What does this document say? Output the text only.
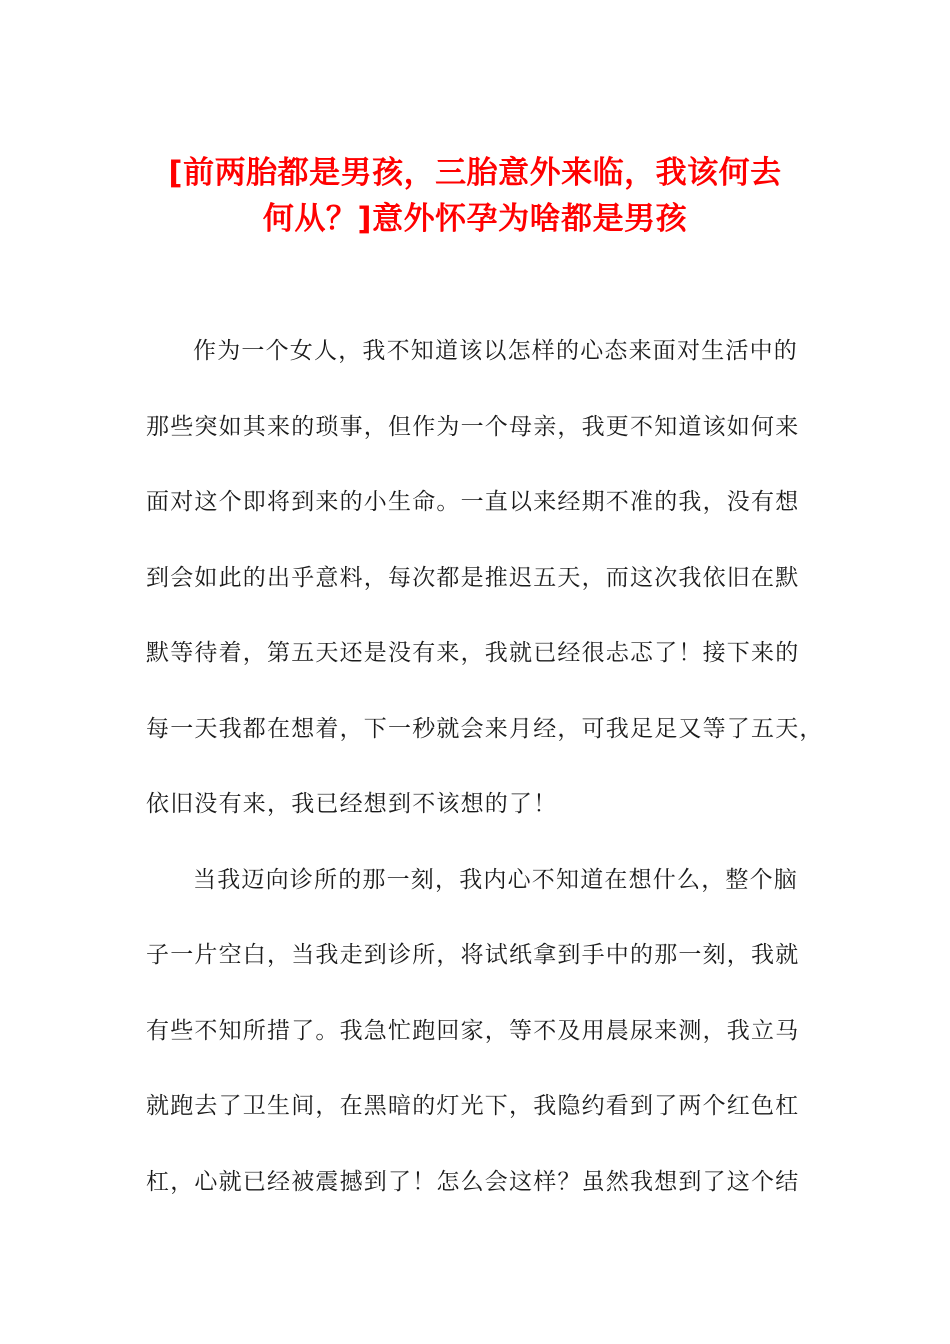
[前两胎都是男孩，三胎意外来临，我该何去
何从？]意外怀孕为啥都是男孩
作为一个女人，我不知道该以怎样的心态来面对生活中的
那些突如其来的琐事，但作为一个母亲，我更不知道该如何来
面对这个即将到来的小生命。一直以来经期不准的我，没有想
到会如此的出乎意料，每次都是推迟五天，而这次我依旧在默
默等待着，第五天还是没有来，我就已经很忐忑了！接下来的
每一天我都在想着，下一秒就会来月经，可我足足又等了五天，
依旧没有来，我已经想到不该想的了！
当我迈向诊所的那一刻，我内心不知道在想什么，整个脑
子一片空白，当我走到诊所，将试纸拿到手中的那一刻，我就
有些不知所措了。我急忙跑回家，等不及用晨尿来测，我立马
就跑去了卫生间，在黑暗的灯光下，我隐约看到了两个红色杠
杠，心就已经被震撼到了！怎么会这样？虽然我想到了这个结
